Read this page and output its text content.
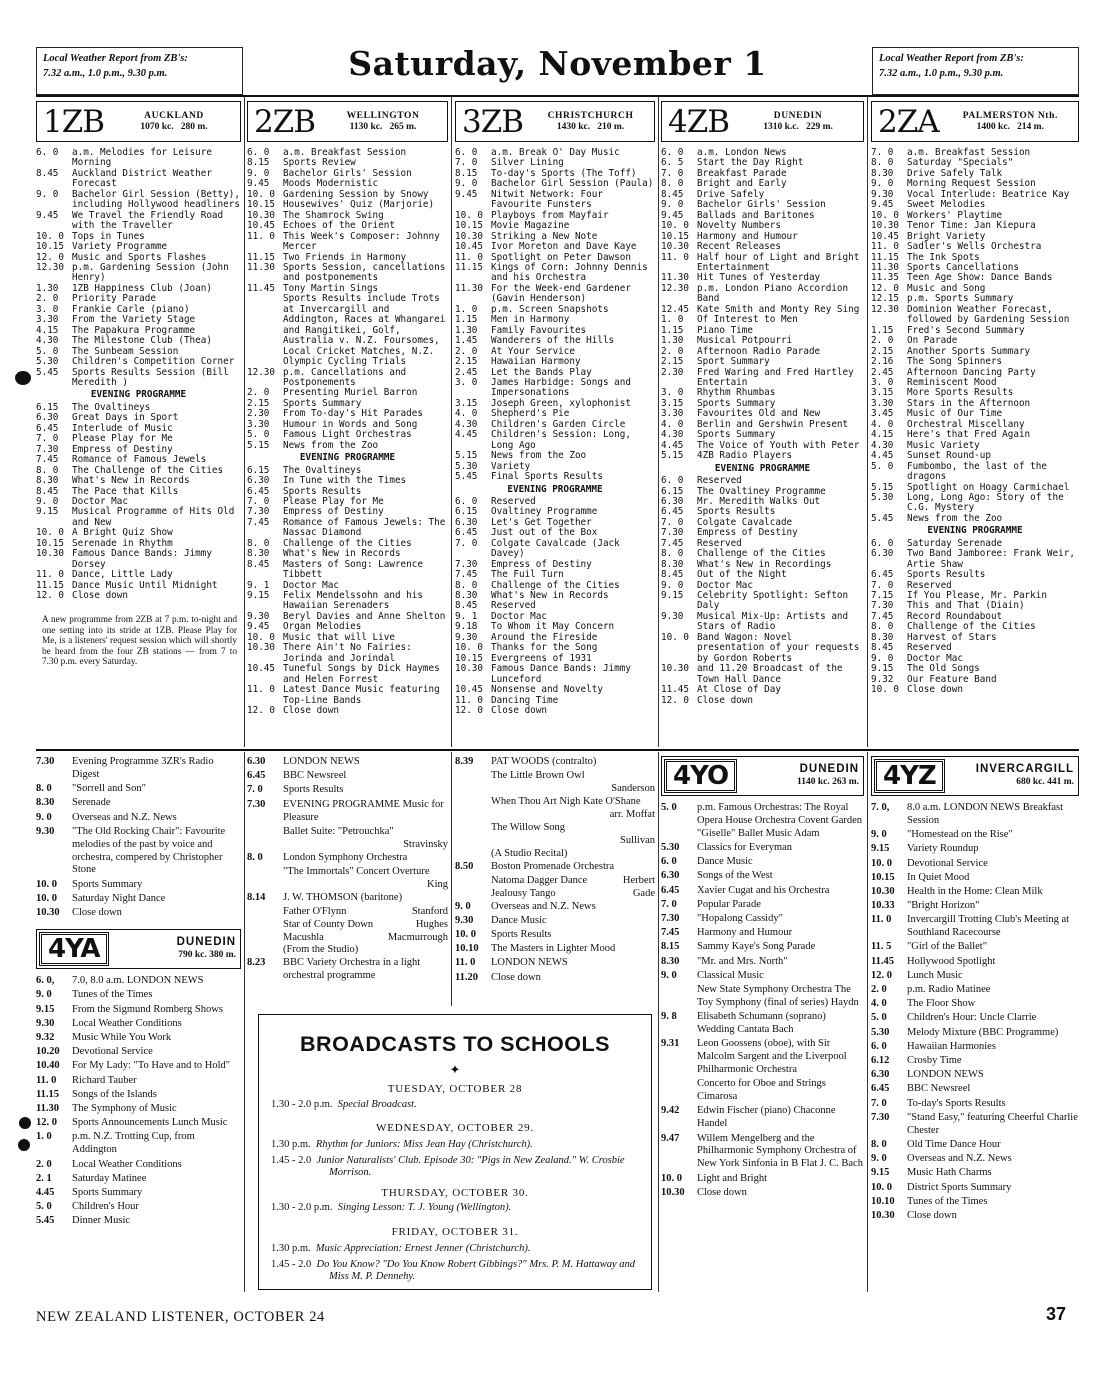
Local Weather Report from ZB's:
7.32 a.m., 1.0 p.m., 9.30 p.m.	Saturday, November 1	Local Weather Report from ZB's:
7.32 a.m., 1.0 p.m., 9.30 p.m.
1ZB	AUCKLAND
1070 kc. 280 m.
6. 0 a.m. Melodies for Leisure Morning
8.45 Auckland District Weather Forecast
9. 0 Bachelor Girl Session (Betty), including Hollywood headliners
9.45 We Travel the Friendly Road with the Traveller
10. 0 Tops in Tunes
10.15 Variety Programme
12. 0 Music and Sports Flashes
12.30 p.m. Gardening Session (John Henry)
1.30 1ZB Happiness Club (Joan)
2. 0 Priority Parade
3. 0 Frankie Carle (piano)
3.30 From the Variety Stage
4.15 The Papakura Programme
4.30 The Milestone Club (Thea)
5. 0 The Sunbeam Session
5.30 Children's Competition Corner
5.45 Sports Results Session (Bill Meredith )
EVENING PROGRAMME
6.15 The Ovaltineys
6.30 Great Days in Sport
6.45 Interlude of Music
7. 0 Please Play for Me
7.30 Empress of Destiny
7.45 Romance of Famous Jewels
8. 0 The Challenge of the Cities
8.30 What's New in Records
8.45 The Pace that Kills
9. 0 Doctor Mac
9.15 Musical Programme of Hits Old and New
10. 0 A Bright Quiz Show
10.15 Serenade in Rhythm
10.30 Famous Dance Bands: Jimmy Dorsey
11. 0 Dance, Little Lady
11.15 Dance Music Until Midnight
12. 0 Close down
A new programme from 2ZB at 7 p.m. to-night and one setting into its stride at 1ZB. Please Play for Me, is a listeners' request session which will shortly be heard from the four ZB stations — from 7 to 7.30 p.m. every Saturday.
2ZB	WELLINGTON
1130 kc. 265 m.
6. 0 a.m. Breakfast Session
8.15 Sports Review
9. 0 Bachelor Girls' Session
9.45 Moods Modernistic
10. 0 Gardening Session by Snowy
10.15 Housewives' Quiz (Marjorie)
10.30 The Shamrock Swing
10.45 Echoes of the Orient
11. 0 This Week's Composer: Johnny Mercer
11.15 Two Friends in Harmony
11.30 Sports Session, cancellations and postponements
11.45 Tony Martin Sings
Sports Results include Trots at Invercargill and Addington, Races at Whangarei and Rangitikei, Golf, Australia v. N.Z. Foursomes, Local Cricket Matches, N.Z. Olympic Cycling Trials
12.30 p.m. Cancellations and Postponements
2. 0 Presenting Muriel Barron
2.15 Sports Summary
2.30 From To-day's Hit Parades
3.30 Humour in Words and Song
5. 0 Famous Light Orchestras
5.15 News from the Zoo
EVENING PROGRAMME
6.15 The Ovaltineys
6.30 In Tune with the Times
6.45 Sports Results
7. 0 Please Play for Me
7.30 Empress of Destiny
7.45 Romance of Famous Jewels: The Nassac Diamond
8. 0 Challenge of the Cities
8.30 What's New in Records
8.45 Masters of Song: Lawrence Tibbett
9. 1 Doctor Mac
9.15 Felix Mendelssohn and his Hawaiian Serenaders
9.30 Beryl Davies and Anne Shelton
9.45 Organ Melodies
10. 0 Music that will Live
10.30 There Ain't No Fairies: Jorinda and Jorindal
10.45 Tuneful Songs by Dick Haymes and Helen Forrest
11. 0 Latest Dance Music featuring Top-Line Bands
12. 0 Close down
3ZB	CHRISTCHURCH
1430 kc. 210 m.
6. 0 a.m. Break O' Day Music
7. 0 Silver Lining
8.15 To-day's Sports (The Toff)
9. 0 Bachelor Girl Session (Paula)
9.45 Nitwit Network: Four Favourite Funsters
10. 0 Playboys from Mayfair
10.15 Movie Magazine
10.30 Striking a New Note
10.45 Ivor Moreton and Dave Kaye
11. 0 Spotlight on Peter Dawson
11.15 Kings of Corn: Johnny Dennis and his Orchestra
11.30 For the Week-end Gardener (Gavin Henderson)
1. 0 p.m. Screen Snapshots
1.15 Men in Harmony
1.30 Family Favourites
1.45 Wanderers of the Hills
2. 0 At Your Service
2.15 Hawaiian Harmony
2.45 Let the Bands Play
3. 0 James Harbidge: Songs and Impersonations
3.15 Joseph Green, xylophonist
4. 0 Shepherd's Pie
4.30 Children's Garden Circle
4.45 Children's Session: Long, Long Ago
5.15 News from the Zoo
5.30 Variety
5.45 Final Sports Results
EVENING PROGRAMME
6. 0 Reserved
6.15 Ovaltiney Programme
6.30 Let's Get Together
6.45 Just out of the Box
7. 0 Colgate Cavalcade (Jack Davey)
7.30 Empress of Destiny
7.45 The Fuil Turn
8. 0 Challenge of the Cities
8.30 What's New in Records
8.45 Reserved
9. 1 Doctor Mac
9.18 To Whom it May Concern
9.30 Around the Fireside
10. 0 Thanks for the Song
10.15 Evergreens of 1931
10.30 Famous Dance Bands: Jimmy Lunceford
10.45 Nonsense and Novelty
11. 0 Dancing Time
12. 0 Close down
4ZB	DUNEDIN
1310 k.c. 229 m.
6. 0 a.m. London News
6. 5 Start the Day Right
7. 0 Breakfast Parade
8. 0 Bright and Early
8.45 Drive Safely
9. 0 Bachelor Girls' Session
9.45 Ballads and Baritones
10. 0 Novelty Numbers
10.15 Harmony and Humour
10.30 Recent Releases
11. 0 Half hour of Light and Bright Entertainment
11.30 Hit Tunes of Yesterday
12.30 p.m. London Piano Accordion Band
12.45 Kate Smith and Monty Rey Sing
1. 0 Of Interest to Men
1.15 Piano Time
1.30 Musical Potpourri
2. 0 Afternoon Radio Parade
2.15 Sport Summary
2.30 Fred Waring and Fred Hartley Entertain
3. 0 Rhythm Rhumbas
3.15 Sports Summary
3.30 Favourites Old and New
4. 0 Berlin and Gershwin Present
4.30 Sports Summary
4.45 The Voice of Youth with Peter
5.15 4ZB Radio Players
EVENING PROGRAMME
6. 0 Reserved
6.15 The Ovaltiney Programme
6.30 Mr. Meredith Walks Out
6.45 Sports Results
7. 0 Colgate Cavalcade
7.30 Empress of Destiny
7.45 Reserved
8. 0 Challenge of the Cities
8.30 What's New in Recordings
8.45 Out of the Night
9. 0 Doctor Mac
9.15 Celebrity Spotlight: Sefton Daly
9.30 Musical Mix-Up: Artists and Stars of Radio
10. 0 Band Wagon: Novel presentation of your requests by Gordon Roberts
10.30 and 11.20 Broadcast of the Town Hall Dance
11.45 At Close of Day
12. 0 Close down
2ZA	PALMERSTON Nth.
1400 kc. 214 m.
7. 0 a.m. Breakfast Session
8. 0 Saturday "Specials"
8.30 Drive Safely Talk
9. 0 Morning Request Session
9.30 Vocal Interlude: Beatrice Kay
9.45 Sweet Melodies
10. 0 Workers' Playtime
10.30 Tenor Time: Jan Kiepura
10.45 Bright Variety
11. 0 Sadler's Wells Orchestra
11.15 The Ink Spots
11.30 Sports Cancellations
11.35 Teen Age Show: Dance Bands
12. 0 Music and Song
12.15 p.m. Sports Summary
12.30 Dominion Weather Forecast, followed by Gardening Session
1.15 Fred's Second Summary
2. 0 On Parade
2.15 Another Sports Summary
2.16 The Song Spinners
2.45 Afternoon Dancing Party
3. 0 Reminiscent Mood
3.15 More Sports Results
3.30 Stars in the Afternoon
3.45 Music of Our Time
4. 0 Orchestral Miscellany
4.15 Here's that Fred Again
4.30 Music Variety
4.45 Sunset Round-up
5. 0 Fumbombo, the last of the dragons
5.15 Spotlight on Hoagy Carmichael
5.30 Long, Long Ago: Story of the C.G. Mystery
5.45 News from the Zoo
EVENING PROGRAMME
6. 0 Saturday Serenade
6.30 Two Band Jamboree: Frank Weir, Artie Shaw
6.45 Sports Results
7. 0 Reserved
7.15 If You Please, Mr. Parkin
7.30 This and That (Diain)
7.45 Record Roundabout
8. 0 Challenge of the Cities
8.30 Harvest of Stars
8.45 Reserved
9. 0 Doctor Mac
9.15 The Old Songs
9.32 Our Feature Band
10. 0 Close down
7.30 Evening Programme 3ZR's Radio Digest
8. 0 "Sorrell and Son"
8.30 Serenade
9. 0 Overseas and N.Z. News
9.30 "The Old Rocking Chair": Favourite melodies of the past by voice and orchestra, compered by Christopher Stone
10. 0 Sports Summary
10. 0 Saturday Night Dance
10.30 Close down
4YA	DUNEDIN
790 kc. 380 m.
6. 0, 7.0, 8.0 a.m. LONDON NEWS
9. 0 Tunes of the Times
9.15 From the Sigmund Romberg Shows
9.30 Local Weather Conditions
9.32 Music While You Work
10.20 Devotional Service
10.40 For My Lady: "To Have and to Hold"
11. 0 Richard Tauber
11.15 Songs of the Islands
11.30 The Symphony of Music
12. 0 Sports Announcements Lunch Music
1. 0 p.m. N.Z. Trotting Cup, from Addington
2. 0 Local Weather Conditions
2. 1 Saturday Matinee
4.45 Sports Summary
5. 0 Children's Hour
5.45 Dinner Music
6.30 LONDON NEWS
6.45 BBC Newsreel
7. 0 Sports Results
7.30 EVENING PROGRAMME Music for Pleasure
Ballet Suite: "Petrouchka"
Stravinsky
8. 0 London Symphony Orchestra
"The Immortals" Concert Overture
King
8.14 J. W. THOMSON (baritone)
Father O'Flynn	Stanford
Star of County Down	Hughes
Macushla	Macmurrough
(From the Studio)
8.23 BBC Variety Orchestra in a light orchestral programme
8.39 PAT WOODS (contralto)
The Little Brown Owl
Sanderson
When Thou Art Nigh Kate O'Shane
arr. Moffat
The Willow Song
Sullivan
(A Studio Recital)
8.50 Boston Promenade Orchestra
Natoma Dagger Dance	Herbert
Jealousy Tango	Gade
9. 0 Overseas and N.Z. News
9.30 Dance Music
10. 0 Sports Results
10.10 The Masters in Lighter Mood
11. 0 LONDON NEWS
11.20 Close down
4YO	DUNEDIN
1140 kc. 263 m.
5. 0 p.m. Famous Orchestras: The Royal Opera House Orchestra Covent Garden "Giselle" Ballet Music Adam
5.30 Classics for Everyman
6. 0 Dance Music
6.30 Songs of the West
6.45 Xavier Cugat and his Orchestra
7. 0 Popular Parade
7.30 "Hopalong Cassidy"
7.45 Harmony and Humour
8.15 Sammy Kaye's Song Parade
8.30 "Mr. and Mrs. North"
9. 0 Classical Music
New State Symphony Orchestra The Toy Symphony (final of series) Haydn
9. 8 Elisabeth Schumann (soprano) Wedding Cantata Bach
9.31 Leon Goossens (oboe), with Sir Malcolm Sargent and the Liverpool Philharmonic Orchestra
Concerto for Oboe and Strings Cimarosa
9.42 Edwin Fischer (piano) Chaconne Handel
9.47 Willem Mengelberg and the Philharmonic Symphony Orchestra of New York Sinfonia in B Flat J. C. Bach
10. 0 Light and Bright
10.30 Close down
4YZ	INVERCARGILL
680 kc. 441 m.
7. 0, 8.0 a.m. LONDON NEWS Breakfast Session
9. 0 "Homestead on the Rise"
9.15 Variety Roundup
10. 0 Devotional Service
10.15 In Quiet Mood
10.30 Health in the Home: Clean Milk
10.33 "Bright Horizon"
11. 0 Invercargill Trotting Club's Meeting at Southland Racecourse
11. 5 "Girl of the Ballet"
11.45 Hollywood Spotlight
12. 0 Lunch Music
2. 0 p.m. Radio Matinee
4. 0 The Floor Show
5. 0 Children's Hour: Uncle Clarrie
5.30 Melody Mixture (BBC Programme)
6. 0 Hawaiian Harmonies
6.12 Crosby Time
6.30 LONDON NEWS
6.45 BBC Newsreel
7. 0 To-day's Sports Results
7.30 "Stand Easy," featuring Cheerful Charlie Chester
8. 0 Old Time Dance Hour
9. 0 Overseas and N.Z. News
9.15 Music Hath Charms
10. 0 District Sports Summary
10.10 Tunes of the Times
10.30 Close down
BROADCASTS TO SCHOOLS
✦
TUESDAY, OCTOBER 28
1.30 - 2.0 p.m. Special Broadcast.
WEDNESDAY, OCTOBER 29.
1.30 p.m. Rhythm for Juniors: Miss Jean Hay (Christchurch).
1.45 - 2.0 Junior Naturalists' Club. Episode 30: "Pigs in New Zealand." W. Crosbie Morrison.
THURSDAY, OCTOBER 30.
1.30 - 2.0 p.m. Singing Lesson: T. J. Young (Wellington).
FRIDAY, OCTOBER 31.
1.30 p.m. Music Appreciation: Ernest Jenner (Christchurch).
1.45 - 2.0 Do You Know? "Do You Know Robert Gibbings?" Mrs. P. M. Hattaway and Miss M. P. Dennehy.
NEW ZEALAND LISTENER, OCTOBER 24	37
